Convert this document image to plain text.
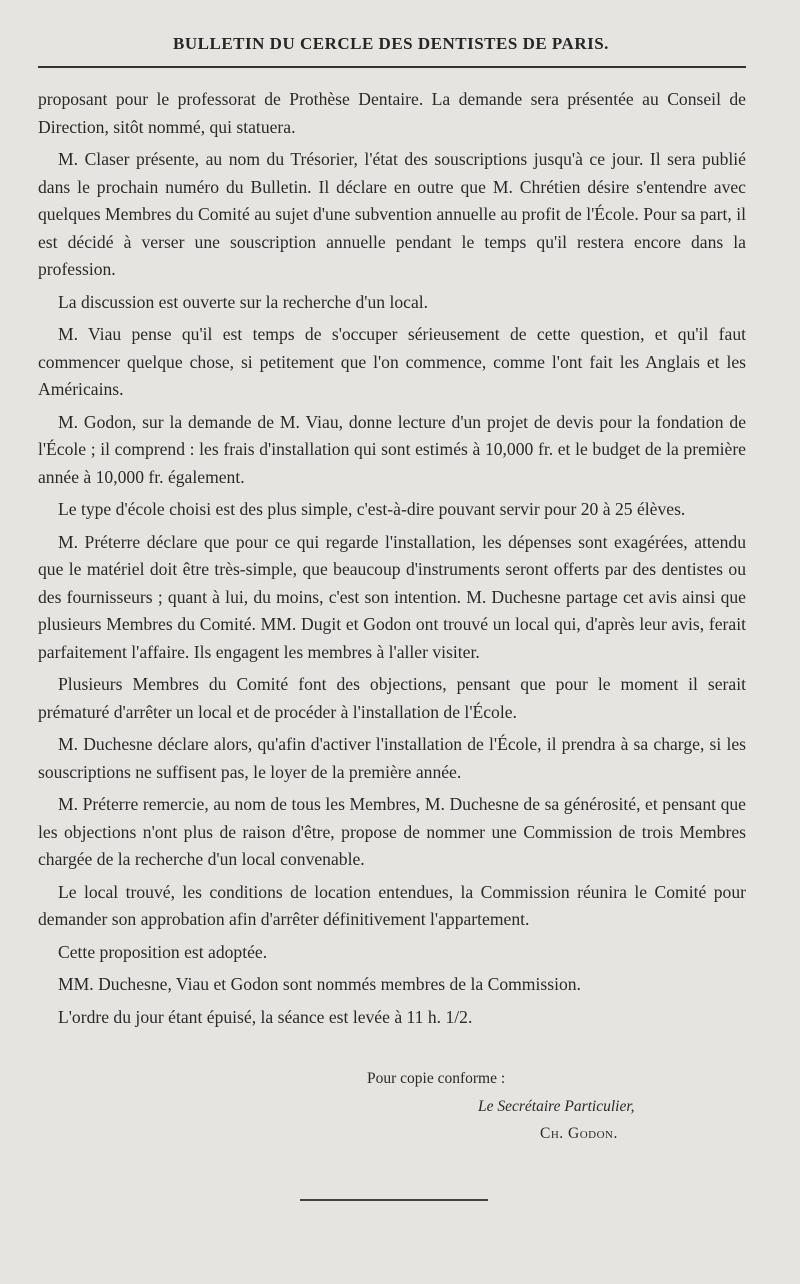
BULLETIN DU CERCLE DES DENTISTES DE PARIS.

proposant pour le professorat de Prothèse Dentaire. La demande sera présentée au Conseil de Direction, sitôt nommé, qui statuera.

M. Claser présente, au nom du Trésorier, l'état des souscriptions jusqu'à ce jour. Il sera publié dans le prochain numéro du Bulletin. Il déclare en outre que M. Chrétien désire s'entendre avec quelques Membres du Comité au sujet d'une subvention annuelle au profit de l'École. Pour sa part, il est décidé à verser une souscription annuelle pendant le temps qu'il restera encore dans la profession.

La discussion est ouverte sur la recherche d'un local.

M. Viau pense qu'il est temps de s'occuper sérieusement de cette question, et qu'il faut commencer quelque chose, si petitement que l'on commence, comme l'ont fait les Anglais et les Américains.

M. Godon, sur la demande de M. Viau, donne lecture d'un projet de devis pour la fondation de l'École ; il comprend : les frais d'installation qui sont estimés à 10,000 fr. et le budget de la première année à 10,000 fr. également.

Le type d'école choisi est des plus simple, c'est-à-dire pouvant servir pour 20 à 25 élèves.

M. Préterre déclare que pour ce qui regarde l'installation, les dépenses sont exagérées, attendu que le matériel doit être très-simple, que beaucoup d'instruments seront offerts par des dentistes ou des fournisseurs ; quant à lui, du moins, c'est son intention. M. Duchesne partage cet avis ainsi que plusieurs Membres du Comité. MM. Dugit et Godon ont trouvé un local qui, d'après leur avis, ferait parfaitement l'affaire. Ils engagent les membres à l'aller visiter.

Plusieurs Membres du Comité font des objections, pensant que pour le moment il serait prématuré d'arrêter un local et de procéder à l'installation de l'École.

M. Duchesne déclare alors, qu'afin d'activer l'installation de l'École, il prendra à sa charge, si les souscriptions ne suffisent pas, le loyer de la première année.

M. Préterre remercie, au nom de tous les Membres, M. Duchesne de sa générosité, et pensant que les objections n'ont plus de raison d'être, propose de nommer une Commission de trois Membres chargée de la recherche d'un local convenable.

Le local trouvé, les conditions de location entendues, la Commission réunira le Comité pour demander son approbation afin d'arrêter définitivement l'appartement.

Cette proposition est adoptée.

MM. Duchesne, Viau et Godon sont nommés membres de la Commission.

L'ordre du jour étant épuisé, la séance est levée à 11 h. 1/2.

Pour copie conforme :
Le Secrétaire Particulier,
Ch. Godon.
